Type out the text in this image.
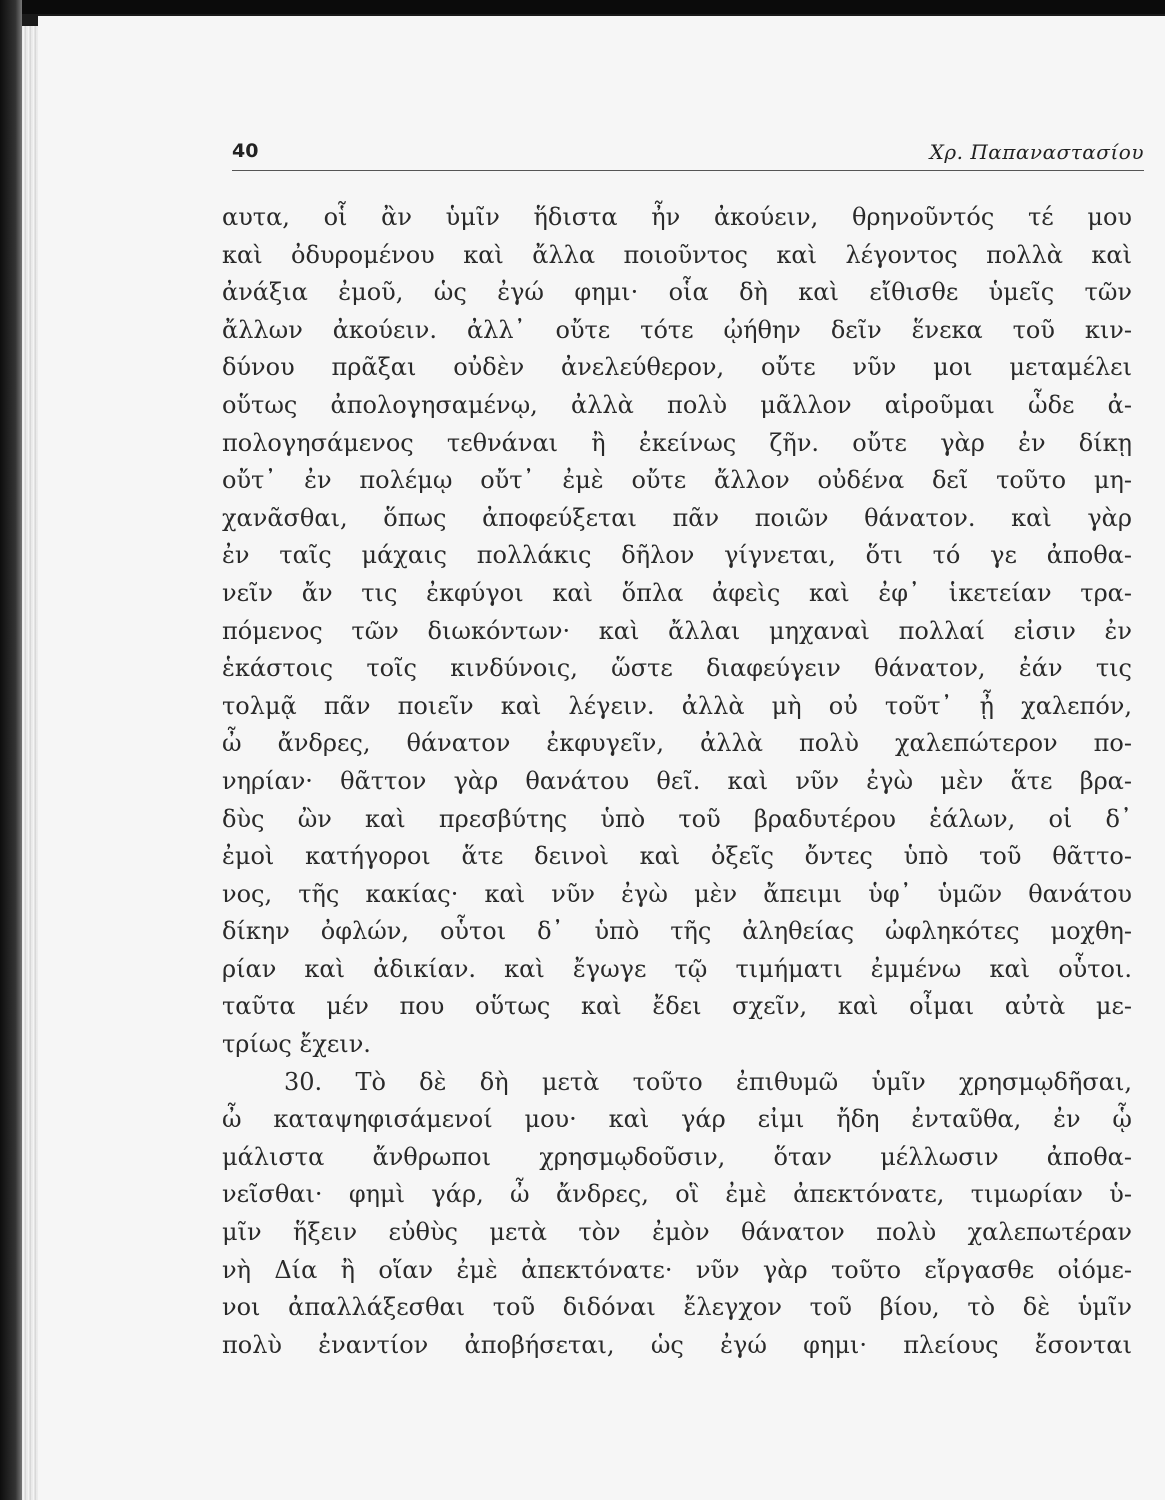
40	Χρ. Παπαναστασίου
αυτα, οἷ ἂν ὑμῖν ἥδιστα ἦν ἀκούειν, θρηνοῦντός τέ μου
καὶ ὀδυρομένου καὶ ἄλλα ποιοῦντος καὶ λέγοντος πολλὰ καὶ
ἀνάξια ἐμοῦ, ὡς ἐγώ φημι· οἷα δὴ καὶ εἴθισθε ὑμεῖς τῶν
ἄλλων ἀκούειν. ἀλλ᾽ οὔτε τότε ᾠήθην δεῖν ἕνεκα τοῦ κιν-
δύνου πρᾶξαι οὐδὲν ἀνελεύθερον, οὔτε νῦν μοι μεταμέλει
οὕτως ἀπολογησαμένῳ, ἀλλὰ πολὺ μᾶλλον αἱροῦμαι ὧδε ἀ-
πολογησάμενος τεθνάναι ἢ ἐκείνως ζῆν. οὔτε γὰρ ἐν δίκῃ
οὔτ᾽ ἐν πολέμῳ οὔτ᾽ ἐμὲ οὔτε ἄλλον οὐδένα δεῖ τοῦτο μη-
χανᾶσθαι, ὅπως ἀποφεύξεται πᾶν ποιῶν θάνατον. καὶ γὰρ
ἐν ταῖς μάχαις πολλάκις δῆλον γίγνεται, ὅτι τό γε ἀποθα-
νεῖν ἄν τις ἐκφύγοι καὶ ὅπλα ἀφεὶς καὶ ἐφ᾽ ἱκετείαν τρα-
πόμενος τῶν διωκόντων· καὶ ἄλλαι μηχαναὶ πολλαί εἰσιν ἐν
ἑκάστοις τοῖς κινδύνοις, ὥστε διαφεύγειν θάνατον, ἐάν τις
τολμᾷ πᾶν ποιεῖν καὶ λέγειν. ἀλλὰ μὴ οὐ τοῦτ᾽ ᾖ χαλεπόν,
ὦ ἄνδρες, θάνατον ἐκφυγεῖν, ἀλλὰ πολὺ χαλεπώτερον πο-
νηρίαν· θᾶττον γὰρ θανάτου θεῖ. καὶ νῦν ἐγὼ μὲν ἅτε βρα-
δὺς ὢν καὶ πρεσβύτης ὑπὸ τοῦ βραδυτέρου ἑάλων, οἱ δ᾽
ἐμοὶ κατήγοροι ἅτε δεινοὶ καὶ ὀξεῖς ὄντες ὑπὸ τοῦ θᾶττο-
νος, τῆς κακίας· καὶ νῦν ἐγὼ μὲν ἄπειμι ὑφ᾽ ὑμῶν θανάτου
δίκην ὀφλών, οὗτοι δ᾽ ὑπὸ τῆς ἀληθείας ὠφληκότες μοχθη-
ρίαν καὶ ἀδικίαν. καὶ ἔγωγε τῷ τιμήματι ἐμμένω καὶ οὗτοι.
ταῦτα μέν που οὕτως καὶ ἔδει σχεῖν, καὶ οἶμαι αὐτὰ με-
τρίως ἔχειν.
30. Τὸ δὲ δὴ μετὰ τοῦτο ἐπιθυμῶ ὑμῖν χρησμῳδῆσαι,
ὦ καταψηφισάμενοί μου· καὶ γάρ εἰμι ἤδη ἐνταῦθα, ἐν ᾧ
μάλιστα ἄνθρωποι χρησμῳδοῦσιν, ὅταν μέλλωσιν ἀποθα-
νεῖσθαι· φημὶ γάρ, ὦ ἄνδρες, οἳ ἐμὲ ἀπεκτόνατε, τιμωρίαν ὑ-
μῖν ἥξειν εὐθὺς μετὰ τὸν ἐμὸν θάνατον πολὺ χαλεπωτέραν
νὴ Δία ἢ οἵαν ἐμὲ ἀπεκτόνατε· νῦν γὰρ τοῦτο εἴργασθε οἰόμε-
νοι ἀπαλλάξεσθαι τοῦ διδόναι ἔλεγχον τοῦ βίου, τὸ δὲ ὑμῖν
πολὺ ἐναντίον ἀποβήσεται, ὡς ἐγώ φημι· πλείους ἔσονται
